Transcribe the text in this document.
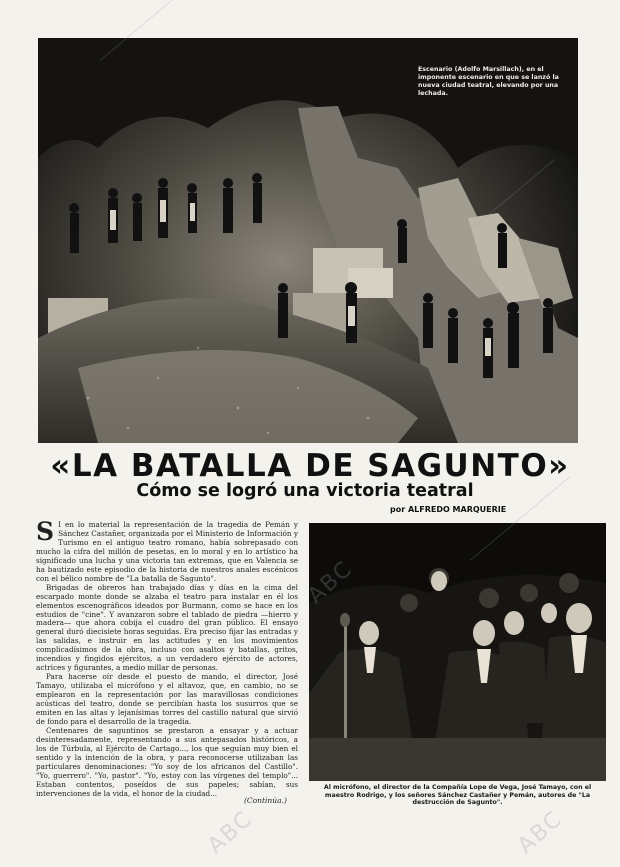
Escenario (Adolfo Marsillach), en el imponente escenario en que se lanzó la nueva ciudad teatral, elevando por una lechada.
«LA BATALLA DE SAGUNTO»
Cómo se logró una victoria teatral
por ALFREDO MARQUERIE

S I en lo material la representación de la tragedia de Pemán y Sánchez Castañer, organizada por el Ministerio de Información y Turismo en el antiguo teatro romano, había sobrepasado con mucho la cifra del millón de pesetas, en lo moral y en lo artístico ha significado una lucha y una victoria tan extremas, que en Valencia se ha bautizado este episodio de la historia de nuestros anales escénicos con el bélico nombre de "La batalla de Sagunto".

Brigadas de obreros han trabajado días y días en la cima del escarpado monte donde se alzaba el teatro para instalar en él los elementos escenográficos ideados por Burmann, como se hace en los estudios de "cine". Y avanzaron sobre el tablado de piedra —hierro y madera— que ahora cobija el cuadro del gran público. El ensayo general duró diecisiete horas seguidas. Era preciso fijar las entradas y las salidas, e instruir en las actitudes y en los movimientos complicadísimos de la obra, incluso con asaltos y batallas, gritos, incendios y fingidos ejércitos, a un verdadero ejército de actores, actrices y figurantes, a medio millar de personas.

Para hacerse oír desde el puesto de mando, el director, José Tamayo, utilizaba el micrófono y el altavoz, que, en cambio, no se emplearon en la representación por las maravillosas condiciones acústicas del teatro, donde se percibían hasta los susurros que se emiten en las altas y lejanísimas torres del castillo natural que sirvió de fondo para el desarrollo de la tragedia.

Centenares de saguntinos se prestaron a ensayar y a actuar desinteresadamente, representando a sus antepasados históricos, a los de Túrbula, al Ejército de Cartago..., los que seguían muy bien el sentido y la intención de la obra, y para reconocerse utilizaban las particulares denominaciones: "Yo soy de los africanos del Castillo". "Yo, guerrero". "Yo, pastor". "Yo, estoy con las vírgenes del templo"... Estaban contentos, poseídos de sus papeles; sabían, sus intervenciones de la vida, el honor de la ciudad...

(Continúa.)
Al micrófono, el director de la Compañía Lope de Vega, José Tamayo, con el maestro Rodrigo, y los señores Sánchez Castañer y Pemán, autores de "La destrucción de Sagunto".
ABC
ABC	ABC
